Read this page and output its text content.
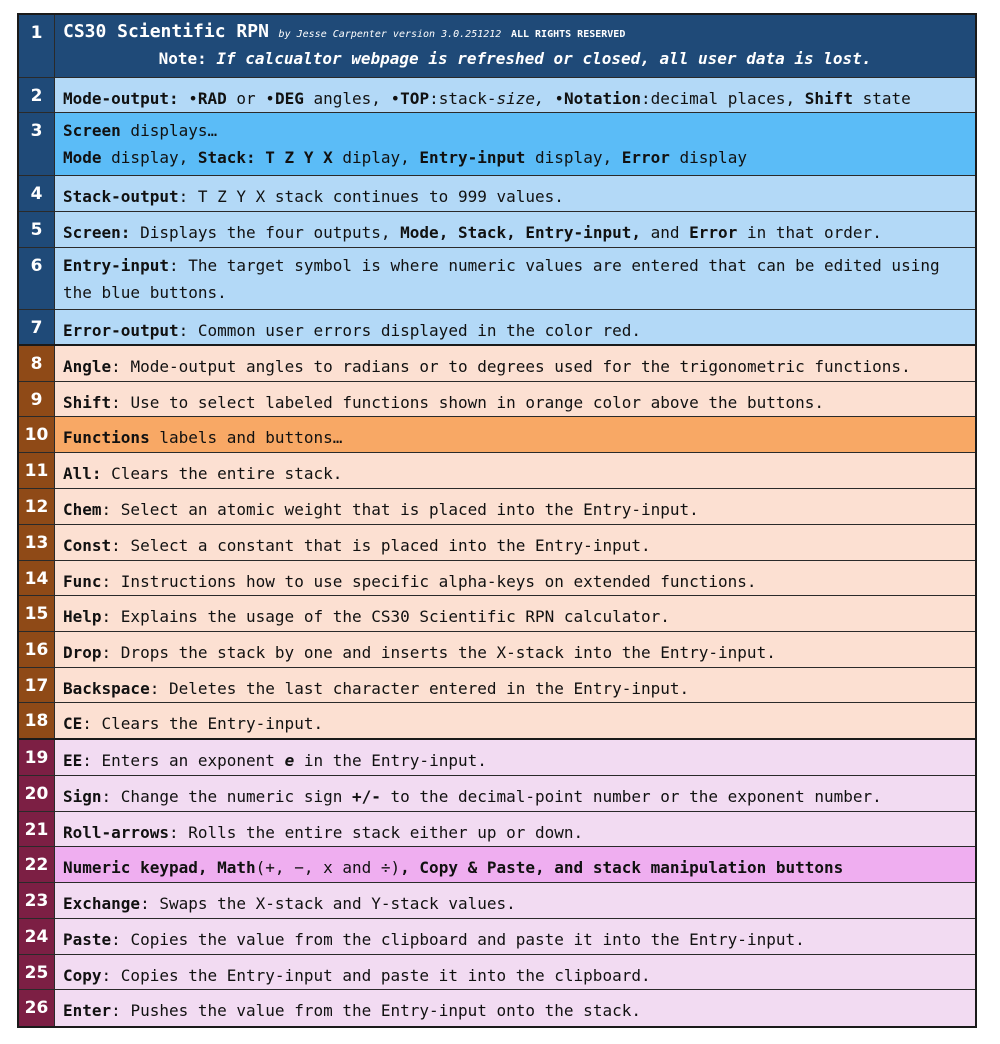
1	CS30 Scientific RPN by Jesse Carpenter version 3.0.251212 ALL RIGHTS RESERVED
Note: If calcualtor webpage is refreshed or closed, all user data is lost.
2	Mode-output: •RAD or •DEG angles, •TOP:stack-size, •Notation:decimal places, Shift state
3	Screen displays…
Mode display, Stack: T Z Y X diplay, Entry-input display, Error display
4	Stack-output: T Z Y X stack continues to 999 values.
5	Screen: Displays the four outputs, Mode, Stack, Entry-input, and Error in that order.
6	Entry-input: The target symbol is where numeric values are entered that can be edited using
the blue buttons.
7	Error-output: Common user errors displayed in the color red.
8	Angle: Mode-output angles to radians or to degrees used for the trigonometric functions.
9	Shift: Use to select labeled functions shown in orange color above the buttons.
10 Functions labels and buttons…
11 All: Clears the entire stack.
12 Chem: Select an atomic weight that is placed into the Entry-input.
13 Const: Select a constant that is placed into the Entry-input.
14 Func: Instructions how to use specific alpha-keys on extended functions.
15 Help: Explains the usage of the CS30 Scientific RPN calculator.
16 Drop: Drops the stack by one and inserts the X-stack into the Entry-input.
17 Backspace: Deletes the last character entered in the Entry-input.
18 CE: Clears the Entry-input.
19 EE: Enters an exponent e in the Entry-input.
20 Sign: Change the numeric sign +/- to the decimal-point number or the exponent number.
21 Roll-arrows: Rolls the entire stack either up or down.
22 Numeric keypad, Math(+, −, x and ÷), Copy & Paste, and stack manipulation buttons
23 Exchange: Swaps the X-stack and Y-stack values.
24 Paste: Copies the value from the clipboard and paste it into the Entry-input.
25 Copy: Copies the Entry-input and paste it into the clipboard.
26 Enter: Pushes the value from the Entry-input onto the stack.
